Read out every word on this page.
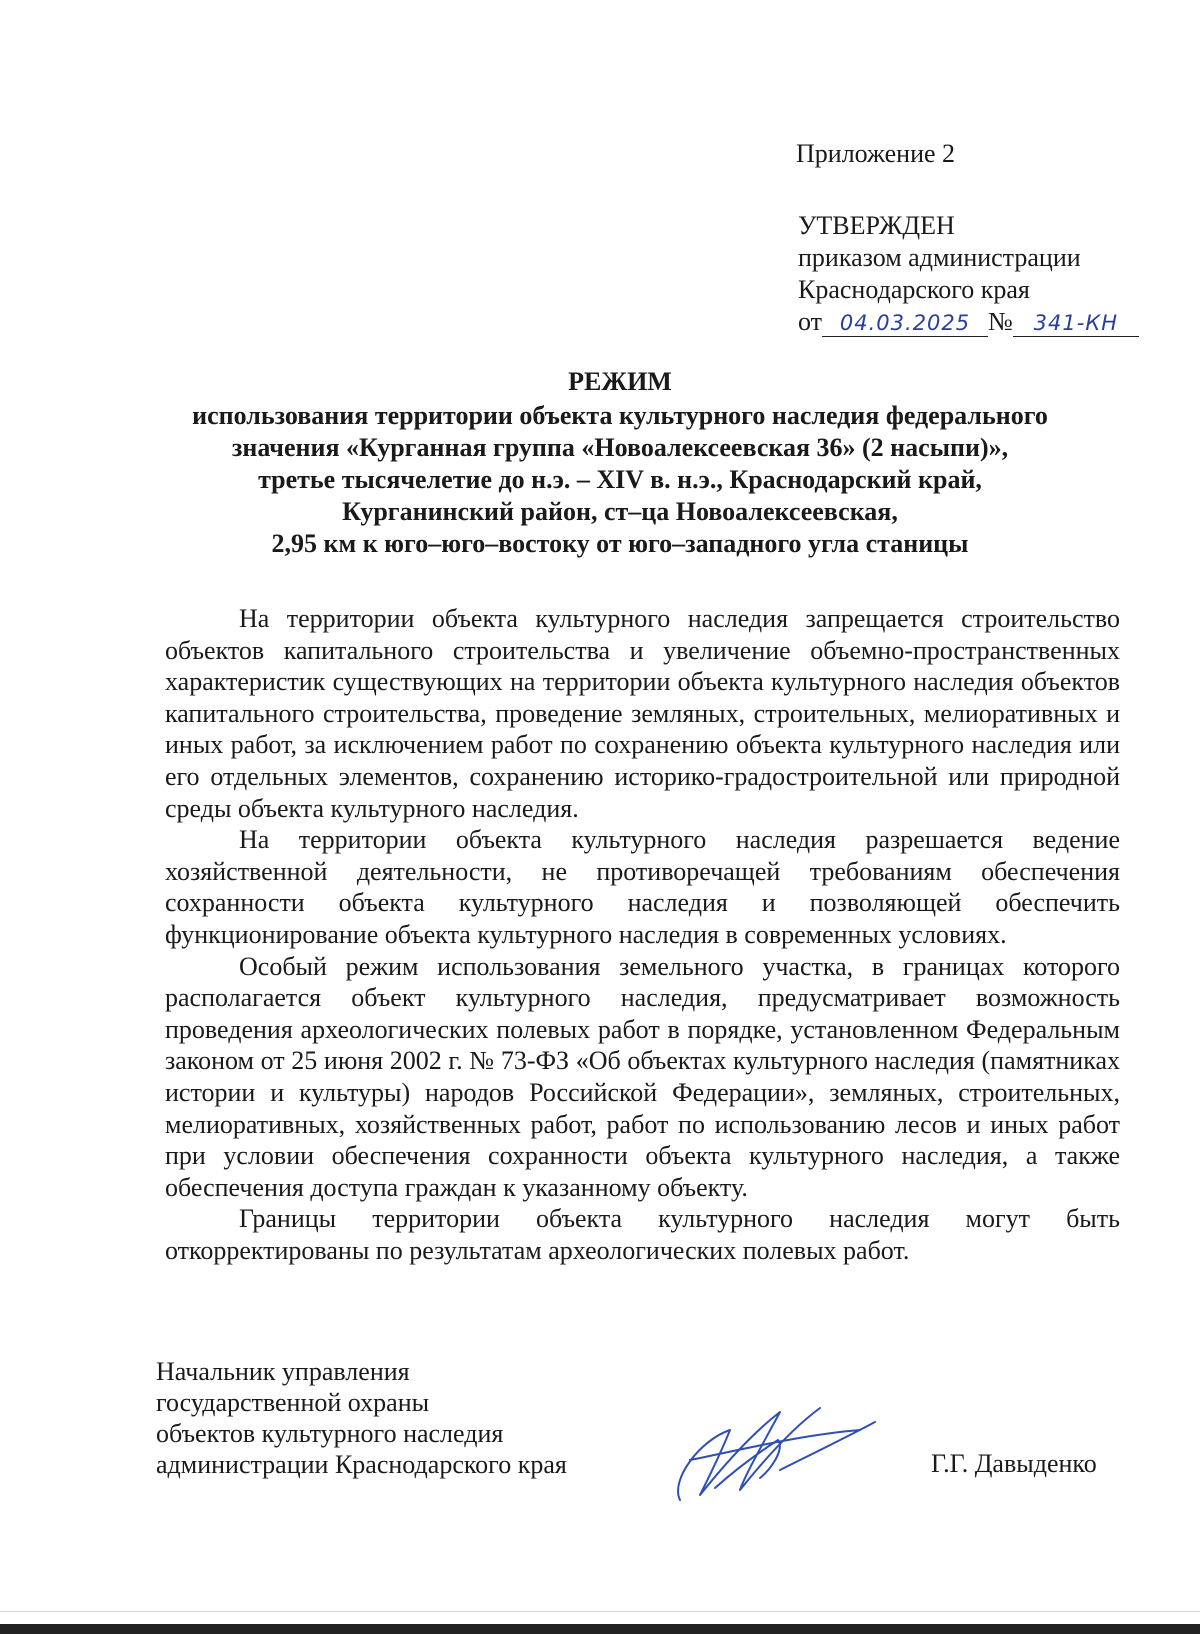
Приложение 2
УТВЕРЖДЕН
приказом администрации
Краснодарского края
от 04.03.2025 № 341-КН
РЕЖИМ
использования территории объекта культурного наследия федерального
значения «Курганная группа «Новоалексеевская 36» (2 насыпи)»,
третье тысячелетие до н.э. – XIV в. н.э., Краснодарский край,
Курганинский район, ст–ца Новоалексеевская,
2,95 км к юго–юго–востоку от юго–западного угла станицы

На территории объекта культурного наследия запрещается строительство объектов капитального строительства и увеличение объемно-пространственных характеристик существующих на территории объекта культурного наследия объектов капитального строительства, проведение земляных, строительных, мелиоративных и иных работ, за исключением работ по сохранению объекта культурного наследия или его отдельных элементов, сохранению историко-градостроительной или природной среды объекта культурного наследия.

На территории объекта культурного наследия разрешается ведение хозяйственной деятельности, не противоречащей требованиям обеспечения сохранности объекта культурного наследия и позволяющей обеспечить функционирование объекта культурного наследия в современных условиях.

Особый режим использования земельного участка, в границах которого располагается объект культурного наследия, предусматривает возможность проведения археологических полевых работ в порядке, установленном Федеральным законом от 25 июня 2002 г. № 73-ФЗ «Об объектах культурного наследия (памятниках истории и культуры) народов Российской Федерации», земляных, строительных, мелиоративных, хозяйственных работ, работ по использованию лесов и иных работ при условии обеспечения сохранности объекта культурного наследия, а также обеспечения доступа граждан к указанному объекту.

Границы территории объекта культурного наследия могут быть откорректированы по результатам археологических полевых работ.

Начальник управления
государственной охраны
объектов культурного наследия
администрации Краснодарского края	Г.Г. Давыденко
